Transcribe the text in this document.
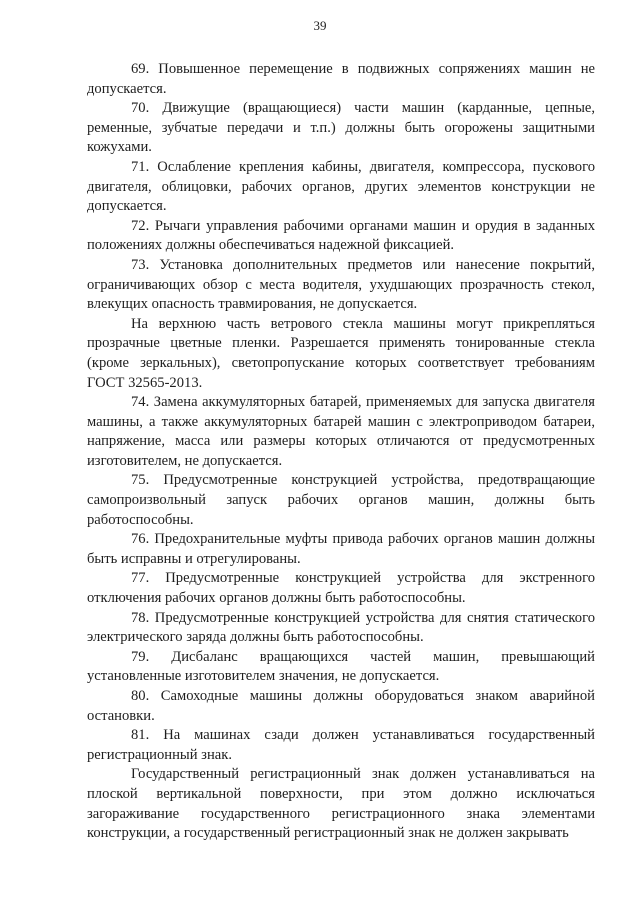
39

69. Повышенное перемещение в подвижных сопряжениях машин не допускается.

70. Движущие (вращающиеся) части машин (карданные, цепные, ременные, зубчатые передачи и т.п.) должны быть огорожены защитными кожухами.

71. Ослабление крепления кабины, двигателя, компрессора, пускового двигателя, облицовки, рабочих органов, других элементов конструкции не допускается.

72. Рычаги управления рабочими органами машин и орудия в заданных положениях должны обеспечиваться надежной фиксацией.

73. Установка дополнительных предметов или нанесение покрытий, ограничивающих обзор с места водителя, ухудшающих прозрачность стекол, влекущих опасность травмирования, не допускается.

На верхнюю часть ветрового стекла машины могут прикрепляться прозрачные цветные пленки. Разрешается применять тонированные стекла (кроме зеркальных), светопропускание которых соответствует требованиям ГОСТ 32565-2013.

74. Замена аккумуляторных батарей, применяемых для запуска двигателя машины, а также аккумуляторных батарей машин с электроприводом батареи, напряжение, масса или размеры которых отличаются от предусмотренных изготовителем, не допускается.

75. Предусмотренные конструкцией устройства, предотвращающие самопроизвольный запуск рабочих органов машин, должны быть работоспособны.

76. Предохранительные муфты привода рабочих органов машин должны быть исправны и отрегулированы.

77. Предусмотренные конструкцией устройства для экстренного отключения рабочих органов должны быть работоспособны.

78. Предусмотренные конструкцией устройства для снятия статического электрического заряда должны быть работоспособны.

79. Дисбаланс вращающихся частей машин, превышающий установленные изготовителем значения, не допускается.

80. Самоходные машины должны оборудоваться знаком аварийной остановки.

81. На машинах сзади должен устанавливаться государственный регистрационный знак.

Государственный регистрационный знак должен устанавливаться на плоской вертикальной поверхности, при этом должно исключаться загораживание государственного регистрационного знака элементами конструкции, а государственный регистрационный знак не должен закрывать
